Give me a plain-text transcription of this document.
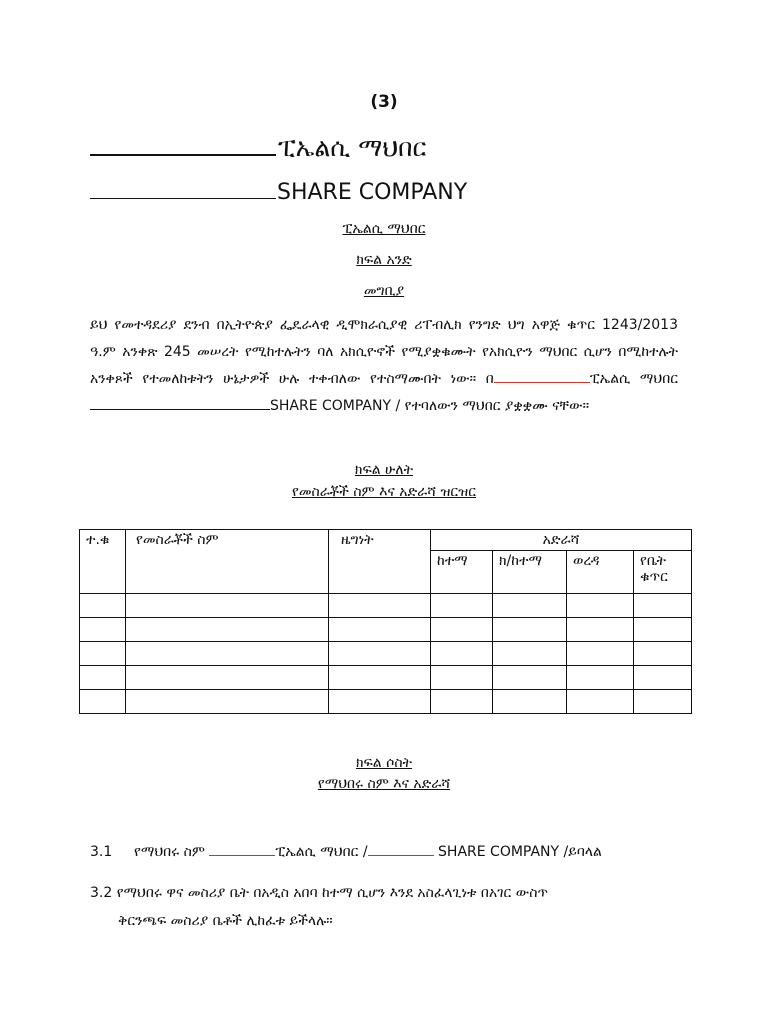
(3)
ፒኤልሲ ማህበር
SHARE COMPANY
ፒኤልሲ ማህበር
ክፍል አንድ
መግቢያ
ይህ የመተዳደሪያ ደንብ በኢትዮጵያ ፌዴራላዊ ዲሞክራሲያዊ ሪፐብሊክ የንግድ ህግ አዋጅ ቁጥር 1243/2013 ዓ.ም አንቀጽ 245 መሠረት የሚከተሉትን ባለ አክሲዮኖች የሚያቋቁሙት የአክሲዮን ማህበር ሲሆን በሚከተሉት አንቀጾች የተመለከቱትን ሁኔታዎች ሁሉ ተቀብለው የተስማሙበት ነው። በ	ፒኤልሲ ማህበር SHARE COMPANY / የተባለውን ማህበር ያቋቋሙ ናቸው።
ክፍል ሁለት
የመስራቾች ስም እና አድራሻ ዝርዝር
ተ.ቁ	የመስራቾች ስም	ዜግነት	አድራሻ			
			ከተማ	ክ/ከተማ	ወረዳ	የቤት ቁጥር

ክፍል ሶስት
የማህበሩ ስም እና አድራሻ
3.1 የማህበሩ ስም	ፒኤልሲ ማህበር /	SHARE COMPANY /ይባላል
3.2 የማህበሩ ዋና መስሪያ ቤት በአዲስ አበባ ከተማ ሲሆን እንደ አስፈላጊነቱ በአገር ውስጥ
ቅርንጫፍ መስሪያ ቤቶች ሊከፈቱ ይችላሉ።
